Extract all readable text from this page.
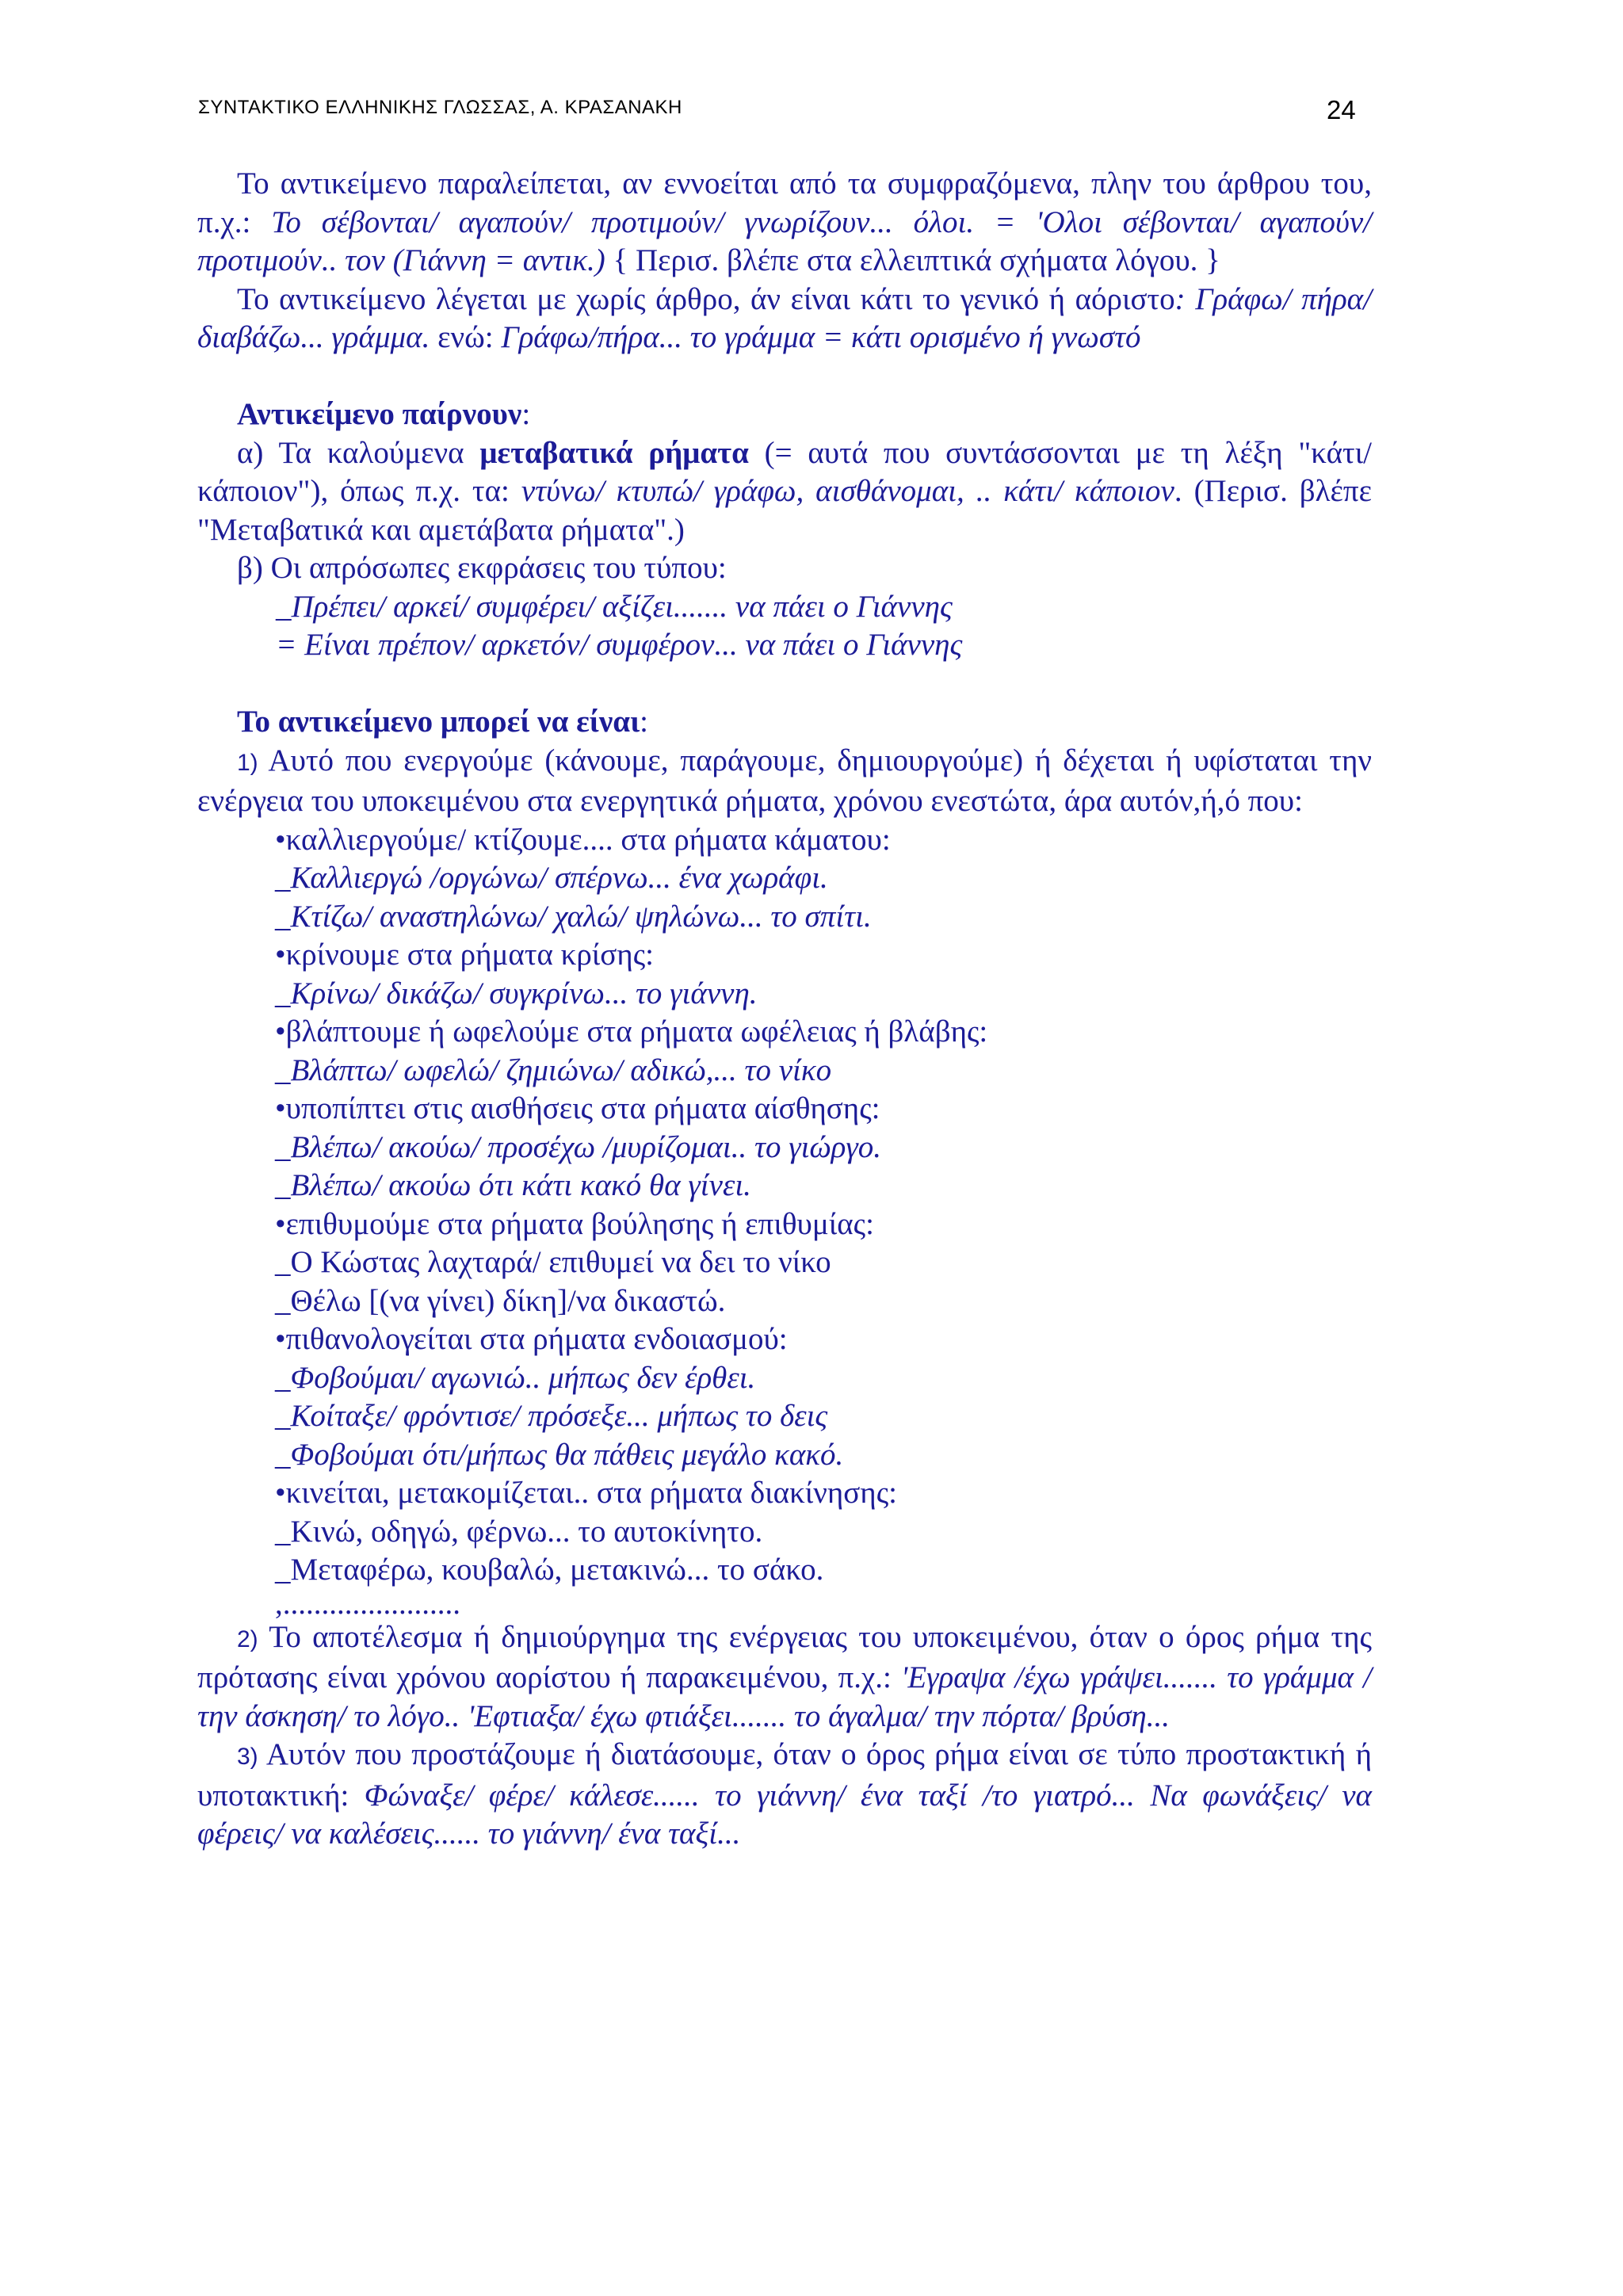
ΣΥΝΤΑΚΤΙΚΟ ΕΛΛΗΝΙΚΗΣ ΓΛΩΣΣΑΣ, Α. ΚΡΑΣΑΝΑΚΗ	24

Το αντικείμενο παραλείπεται, αν εννοείται από τα συμφραζόμενα, πλην του άρθρου του, π.χ.: Το σέβονται/ αγαπούν/ προτιμούν/ γνωρίζουν... όλοι. = 'Ολοι σέβονται/ αγαπούν/ προτιμούν.. τον (Γιάννη = αντικ.) { Περισ. βλέπε στα ελλειπτικά σχήματα λόγου. }

Το αντικείμενο λέγεται με χωρίς άρθρο, άν είναι κάτι το γενικό ή αόριστο: Γράφω/ πήρα/ διαβάζω... γράμμα. ενώ: Γράφω/πήρα... το γράμμα = κάτι ορισμένο ή γνωστό

Αντικείμενο παίρνουν:

α) Τα καλούμενα μεταβατικά ρήματα (= αυτά που συντάσσονται με τη λέξη "κάτι/ κάποιον"), όπως π.χ. τα: ντύνω/ κτυπώ/ γράφω, αισθάνομαι, .. κάτι/ κάποιον. (Περισ. βλέπε "Μεταβατικά και αμετάβατα ρήματα".)

β) Οι απρόσωπες εκφράσεις του τύπου:

_Πρέπει/ αρκεί/ συμφέρει/ αξίζει....... να πάει ο Γιάννης

= Είναι πρέπον/ αρκετόν/ συμφέρον... να πάει ο Γιάννης

Το αντικείμενο μπορεί να είναι:

1) Αυτό που ενεργούμε (κάνουμε, παράγουμε, δημιουργούμε) ή δέχεται ή υφίσταται την ενέργεια του υποκειμένου στα ενεργητικά ρήματα, χρόνου ενεστώτα, άρα αυτόν,ή,ό που:

•καλλιεργούμε/ κτίζουμε.... στα ρήματα κάματου:

_Καλλιεργώ /οργώνω/ σπέρνω... ένα χωράφι.

_Κτίζω/ αναστηλώνω/ χαλώ/ ψηλώνω... το σπίτι.

•κρίνουμε στα ρήματα κρίσης:

_Κρίνω/ δικάζω/ συγκρίνω... το γιάννη.

•βλάπτουμε ή ωφελούμε στα ρήματα ωφέλειας ή βλάβης:

_Βλάπτω/ ωφελώ/ ζημιώνω/ αδικώ,... το νίκο

•υποπίπτει στις αισθήσεις στα ρήματα αίσθησης:

_Βλέπω/ ακούω/ προσέχω /μυρίζομαι.. το γιώργο.

_Βλέπω/ ακούω ότι κάτι κακό θα γίνει.

•επιθυμούμε στα ρήματα βούλησης ή επιθυμίας:

_Ο Κώστας λαχταρά/ επιθυμεί να δει το νίκο

_Θέλω [(να γίνει) δίκη]/να δικαστώ.

•πιθανολογείται στα ρήματα ενδοιασμού:

_Φοβούμαι/ αγωνιώ.. μήπως δεν έρθει.

_Κοίταξε/ φρόντισε/ πρόσεξε... μήπως το δεις

_Φοβούμαι ότι/μήπως θα πάθεις μεγάλο κακό.

•κινείται, μετακομίζεται.. στα ρήματα διακίνησης:

_Κινώ, οδηγώ, φέρνω... το αυτοκίνητο.

_Μεταφέρω, κουβαλώ, μετακινώ... το σάκο.

,.......................

2) Το αποτέλεσμα ή δημιούργημα της ενέργειας του υποκειμένου, όταν ο όρος ρήμα της πρότασης είναι χρόνου αορίστου ή παρακειμένου, π.χ.: 'Εγραψα /έχω γράψει....... το γράμμα /την άσκηση/ το λόγο.. 'Εφτιαξα/ έχω φτιάξει....... το άγαλμα/ την πόρτα/ βρύση...

3) Αυτόν που προστάζουμε ή διατάσουμε, όταν ο όρος ρήμα είναι σε τύπο προστακτική ή υποτακτική: Φώναξε/ φέρε/ κάλεσε...... το γιάννη/ ένα ταξί /το γιατρό... Να φωνάξεις/ να φέρεις/ να καλέσεις...... το γιάννη/ ένα ταξί...
